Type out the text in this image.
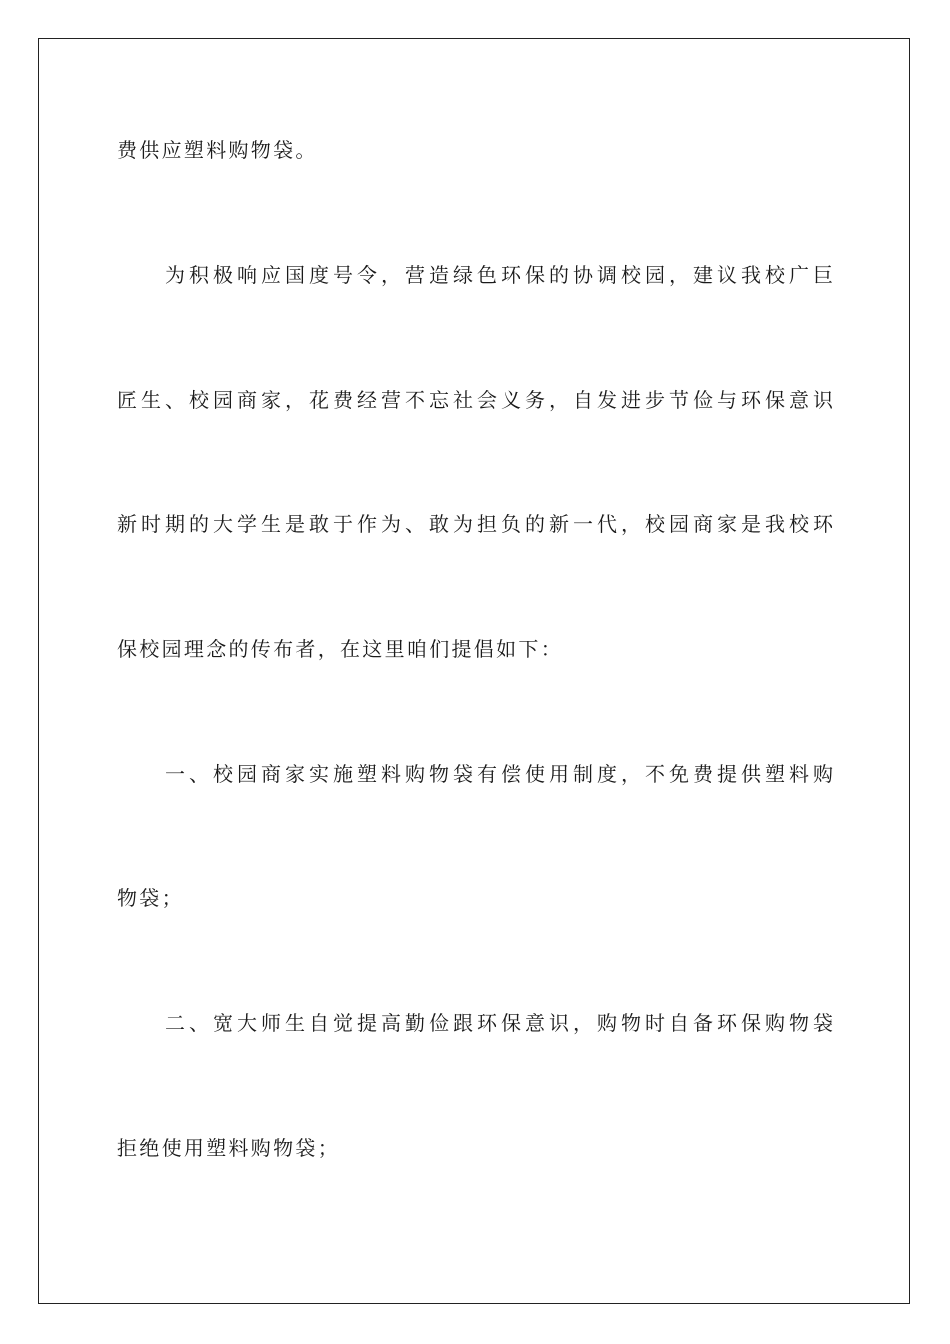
费供应塑料购物袋。
为积极响应国度号令，营造绿色环保的协调校园，建议我校广巨
匠生、校园商家，花费经营不忘社会义务，自发进步节俭与环保意识
新时期的大学生是敢于作为、敢为担负的新一代，校园商家是我校环
保校园理念的传布者，在这里咱们提倡如下：
一、校园商家实施塑料购物袋有偿使用制度，不免费提供塑料购
物袋；
二、宽大师生自觉提高勤俭跟环保意识，购物时自备环保购物袋
拒绝使用塑料购物袋；
